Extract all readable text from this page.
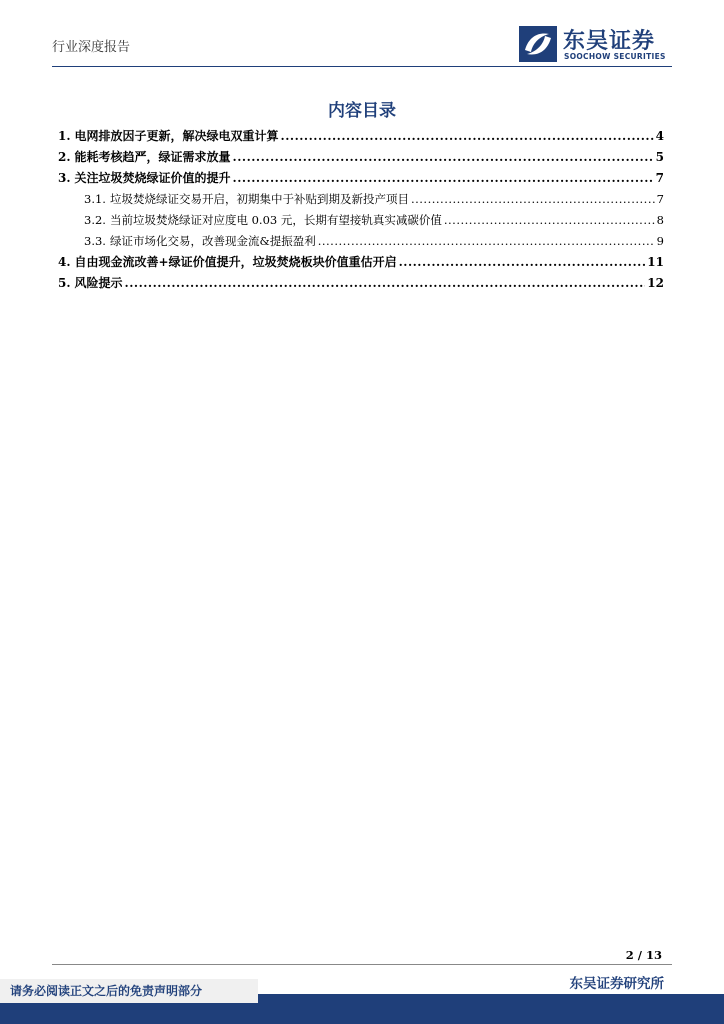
行业深度报告	东吴证券
SOOCHOW SECURITIES
内容目录
1. 电网排放因子更新，解决绿电双重计算 .....	4
2. 能耗考核趋严，绿证需求放量 .....	5
3. 关注垃圾焚烧绿证价值的提升 .....	7
3.1. 垃圾焚烧绿证交易开启，初期集中于补贴到期及新投产项目 .....	7
3.2. 当前垃圾焚烧绿证对应度电 0.03 元，长期有望接轨真实减碳价值 .....	8
3.3. 绿证市场化交易，改善现金流&提振盈利 .....	9
4. 自由现金流改善+绿证价值提升，垃圾焚烧板块价值重估开启 .....	11
5. 风险提示 .....	12
2 / 13
东吴证券研究所
请务必阅读正文之后的免责声明部分
